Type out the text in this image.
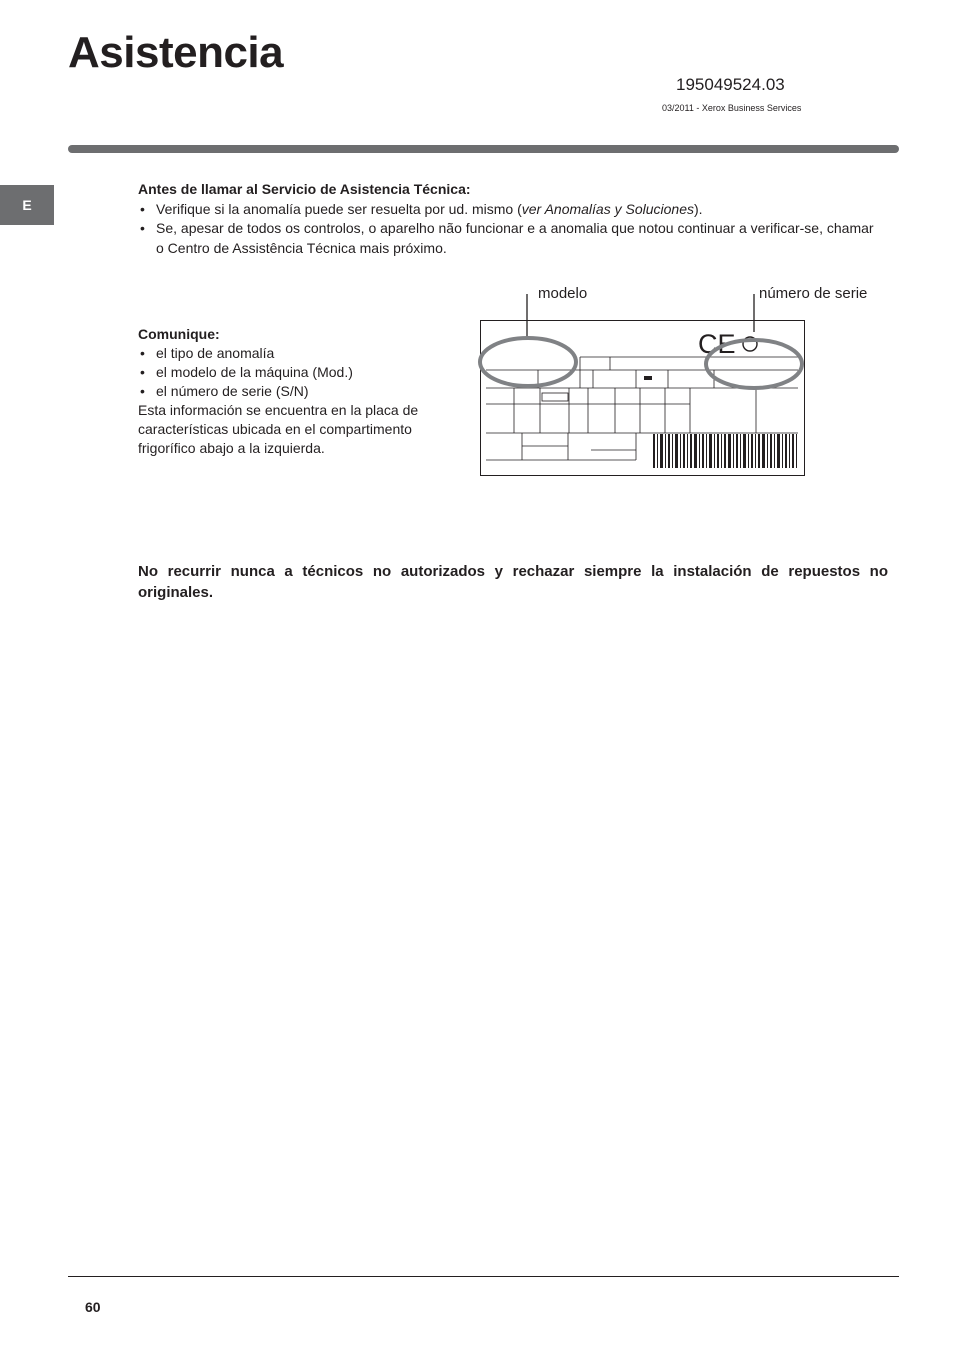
Asistencia
195049524.03
03/2011 - Xerox Business Services
E
Antes de llamar al Servicio de Asistencia Técnica:
• Verifique si la anomalía puede ser resuelta por ud. mismo (ver Anomalías y Soluciones).
• Se, apesar de todos os controlos, o aparelho não funcionar e a anomalia que notou continuar a verificar-se, chamar o Centro de Assistência Técnica mais próximo.
Comunique:
• el tipo de anomalía
• el modelo de la máquina (Mod.)
• el número de serie (S/N)

Esta información se encuentra en la placa de características ubicada en el compartimento frigorífico abajo a la izquierda.

CE
modelo	número de serie

No recurrir nunca a técnicos no autorizados y rechazar siempre la instalación de repuestos no originales.

60
